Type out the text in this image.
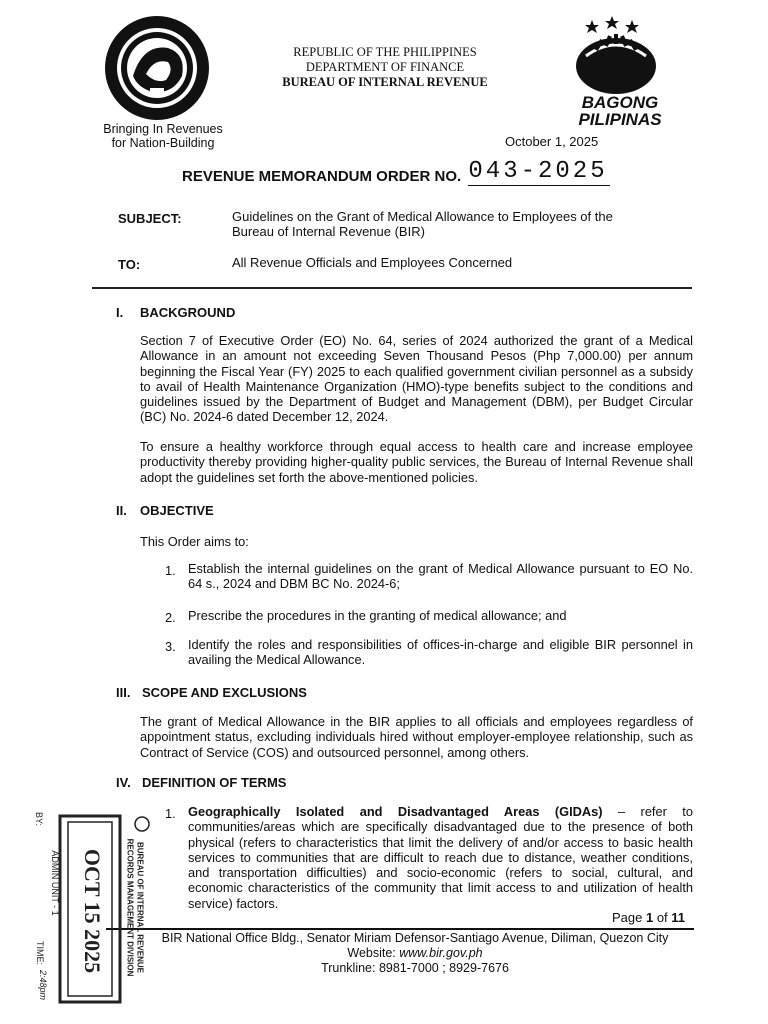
Bringing In Revenues
for Nation-Building
REPUBLIC OF THE PHILIPPINES
DEPARTMENT OF FINANCE
BUREAU OF INTERNAL REVENUE
BAGONG
PILIPINAS
October 1, 2025
REVENUE MEMORANDUM ORDER NO. 043-2025
SUBJECT:	Guidelines on the Grant of Medical Allowance to Employees of the
Bureau of Internal Revenue (BIR)
TO:	All Revenue Officials and Employees Concerned
I. BACKGROUND
Section 7 of Executive Order (EO) No. 64, series of 2024 authorized the grant of a Medical Allowance in an amount not exceeding Seven Thousand Pesos (Php 7,000.00) per annum beginning the Fiscal Year (FY) 2025 to each qualified government civilian personnel as a subsidy to avail of Health Maintenance Organization (HMO)-type benefits subject to the conditions and guidelines issued by the Department of Budget and Management (DBM), per Budget Circular (BC) No. 2024-6 dated December 12, 2024.
To ensure a healthy workforce through equal access to health care and increase employee productivity thereby providing higher-quality public services, the Bureau of Internal Revenue shall adopt the guidelines set forth the above-mentioned policies.
II. OBJECTIVE
This Order aims to:
1. Establish the internal guidelines on the grant of Medical Allowance pursuant to EO No. 64 s., 2024 and DBM BC No. 2024-6;
2. Prescribe the procedures in the granting of medical allowance; and
3. Identify the roles and responsibilities of offices-in-charge and eligible BIR personnel in availing the Medical Allowance.
III. SCOPE AND EXCLUSIONS
The grant of Medical Allowance in the BIR applies to all officials and employees regardless of appointment status, excluding individuals hired without employer-employee relationship, such as Contract of Service (COS) and outsourced personnel, among others.
IV. DEFINITION OF TERMS
1. Geographically Isolated and Disadvantaged Areas (GIDAs) – refer to communities/areas which are specifically disadvantaged due to the presence of both physical (refers to characteristics that limit the delivery of and/or access to basic health services to communities that are difficult to reach due to distance, weather conditions, and transportation difficulties) and socio-economic (refers to social, cultural, and economic characteristics of the community that limit access to and utilization of health service) factors.
Page 1 of 11
BIR National Office Bldg., Senator Miriam Defensor-Santiago Avenue, Diliman, Quezon City
Website: www.bir.gov.ph
Trunkline: 8981-7000 ; 8929-7676
OCT 15 2025	BUREAU OF INTERNAL REVENUE
RECORDS MANAGEMENT DIVISION
ADMIN UNIT - 1
BY:
TIME:
2:48pm
